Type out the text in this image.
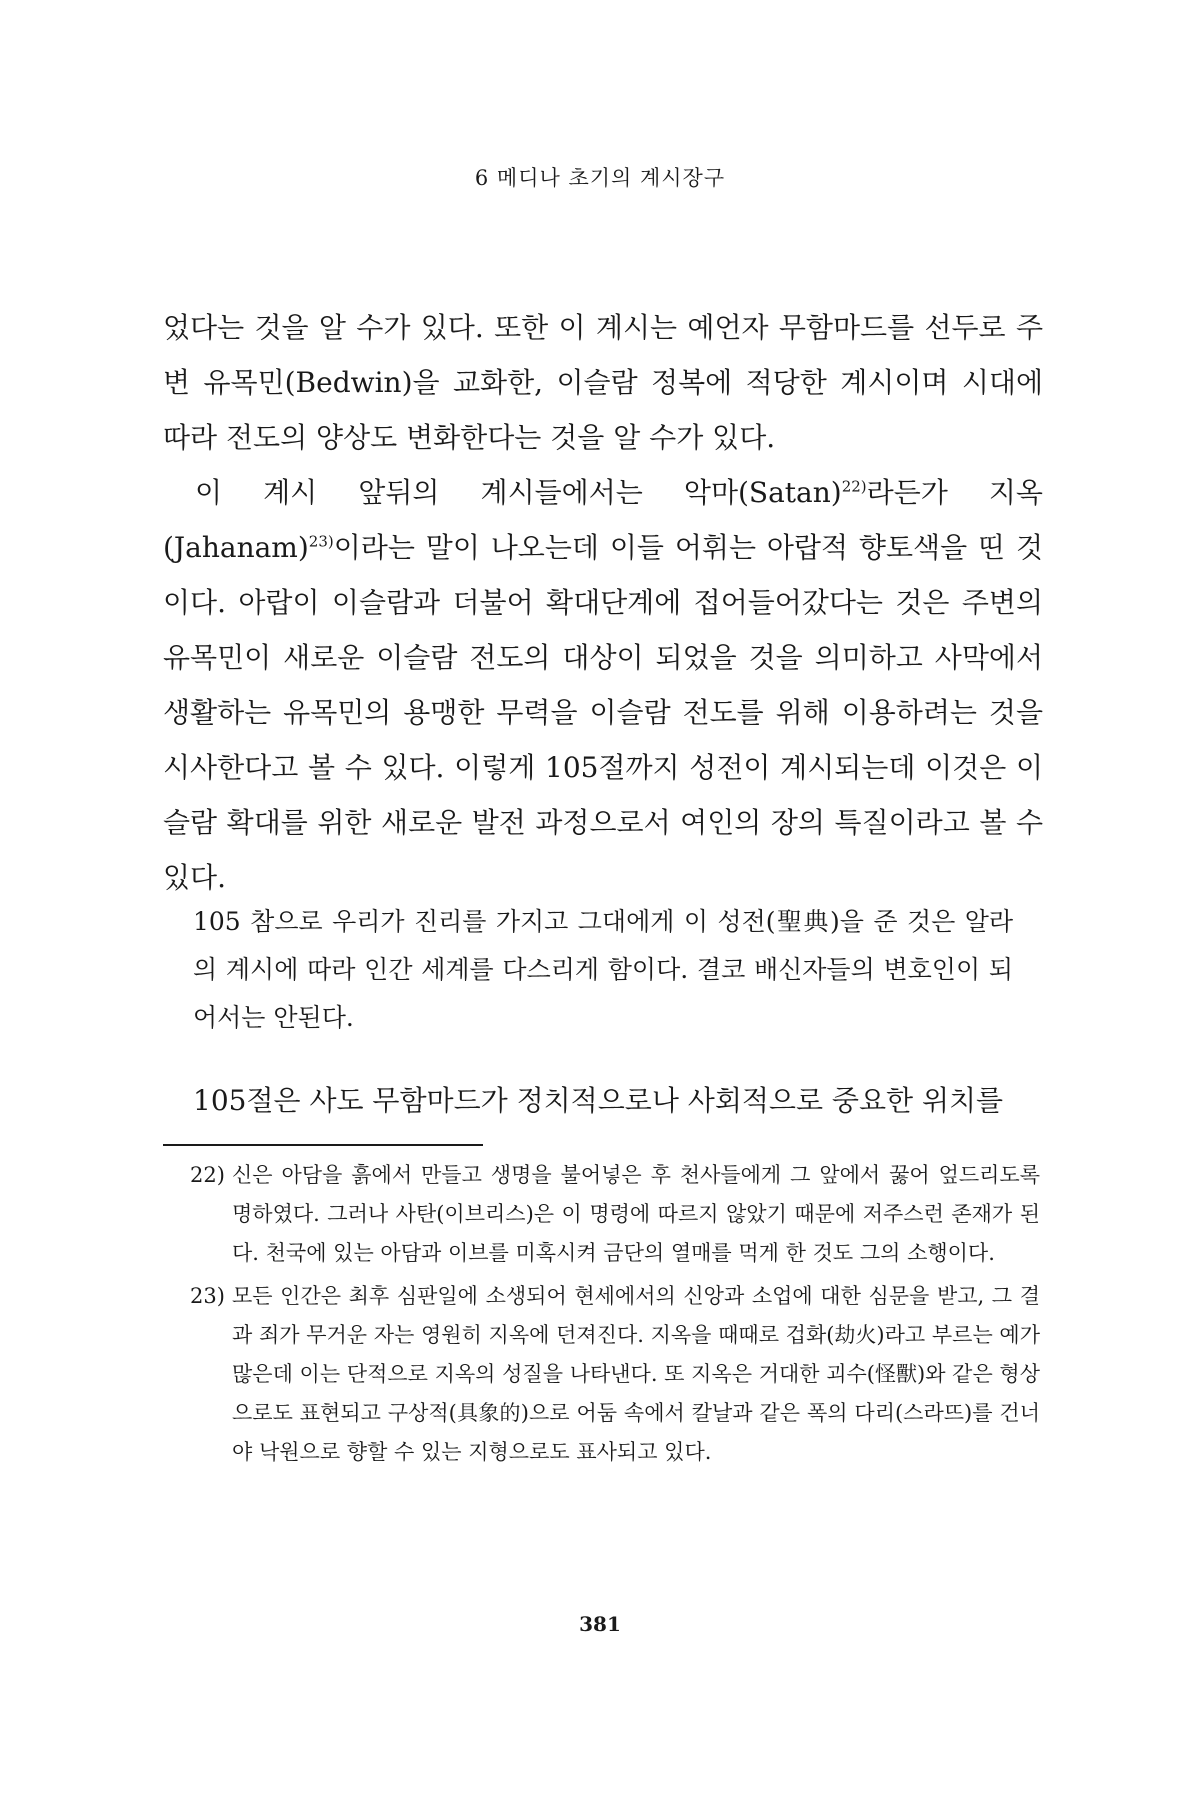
6 메디나 초기의 계시장구

었다는 것을 알 수가 있다. 또한 이 계시는 예언자 무함마드를 선두로 주변 유목민(Bedwin)을 교화한, 이슬람 정복에 적당한 계시이며 시대에 따라 전도의 양상도 변화한다는 것을 알 수가 있다.

이 계시 앞뒤의 계시들에서는 악마$(Satan)^{22)}$라든가 지옥(Jahanam)$^{23)}$이라는 말이 나오는데 이들 어휘는 아랍적 향토색을 띤 것이다. 아랍이 이슬람과 더불어 확대단계에 접어들어갔다는 것은 주변의 유목민이 새로운 이슬람 전도의 대상이 되었을 것을 의미하고 사막에서 생활하는 유목민의 용맹한 무력을 이슬람 전도를 위해 이용하려는 것을 시사한다고 볼 수 있다. 이렇게 105절까지 성전이 계시되는데 이것은 이슬람 확대를 위한 새로운 발전 과정으로서 여인의 장의 특질이라고 볼 수 있다.

105 참으로 우리가 진리를 가지고 그대에게 이 성전(聖典)을 준 것은 알라의 계시에 따라 인간 세계를 다스리게 함이다. 결코 배신자들의 변호인이 되어서는 안된다.

105절은 사도 무함마드가 정치적으로나 사회적으로 중요한 위치를

22) 신은 아담을 흙에서 만들고 생명을 불어넣은 후 천사들에게 그 앞에서 꿇어 엎드리도록 명하였다. 그러나 사탄(이브리스)은 이 명령에 따르지 않았기 때문에 저주스런 존재가 된다. 천국에 있는 아담과 이브를 미혹시켜 금단의 열매를 먹게 한 것도 그의 소행이다.
23) 모든 인간은 최후 심판일에 소생되어 현세에서의 신앙과 소업에 대한 심문을 받고, 그 결과 죄가 무거운 자는 영원히 지옥에 던져진다. 지옥을 때때로 겁화(劫火)라고 부르는 예가 많은데 이는 단적으로 지옥의 성질을 나타낸다. 또 지옥은 거대한 괴수(怪獸)와 같은 형상으로도 표현되고 구상적(具象的)으로 어둠 속에서 칼날과 같은 폭의 다리(스라뜨)를 건너야 낙원으로 향할 수 있는 지형으로도 표사되고 있다.
381
